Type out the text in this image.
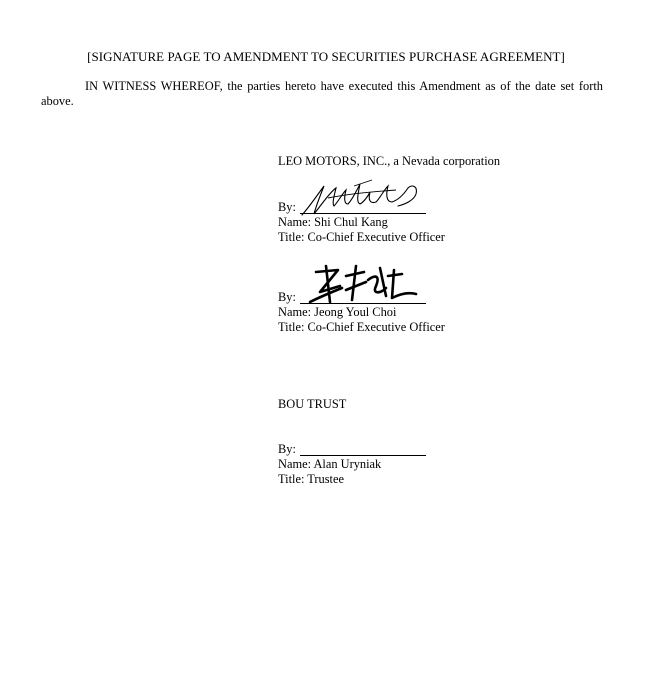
[SIGNATURE PAGE TO AMENDMENT TO SECURITIES PURCHASE AGREEMENT]
IN WITNESS WHEREOF, the parties hereto have executed this Amendment as of the date set forth above.
LEO MOTORS, INC., a Nevada corporation
By:
Name: Shi Chul Kang
Title: Co-Chief Executive Officer
By:
Name: Jeong Youl Choi
Title: Co-Chief Executive Officer
BOU TRUST
By:
Name: Alan Uryniak
Title: Trustee
